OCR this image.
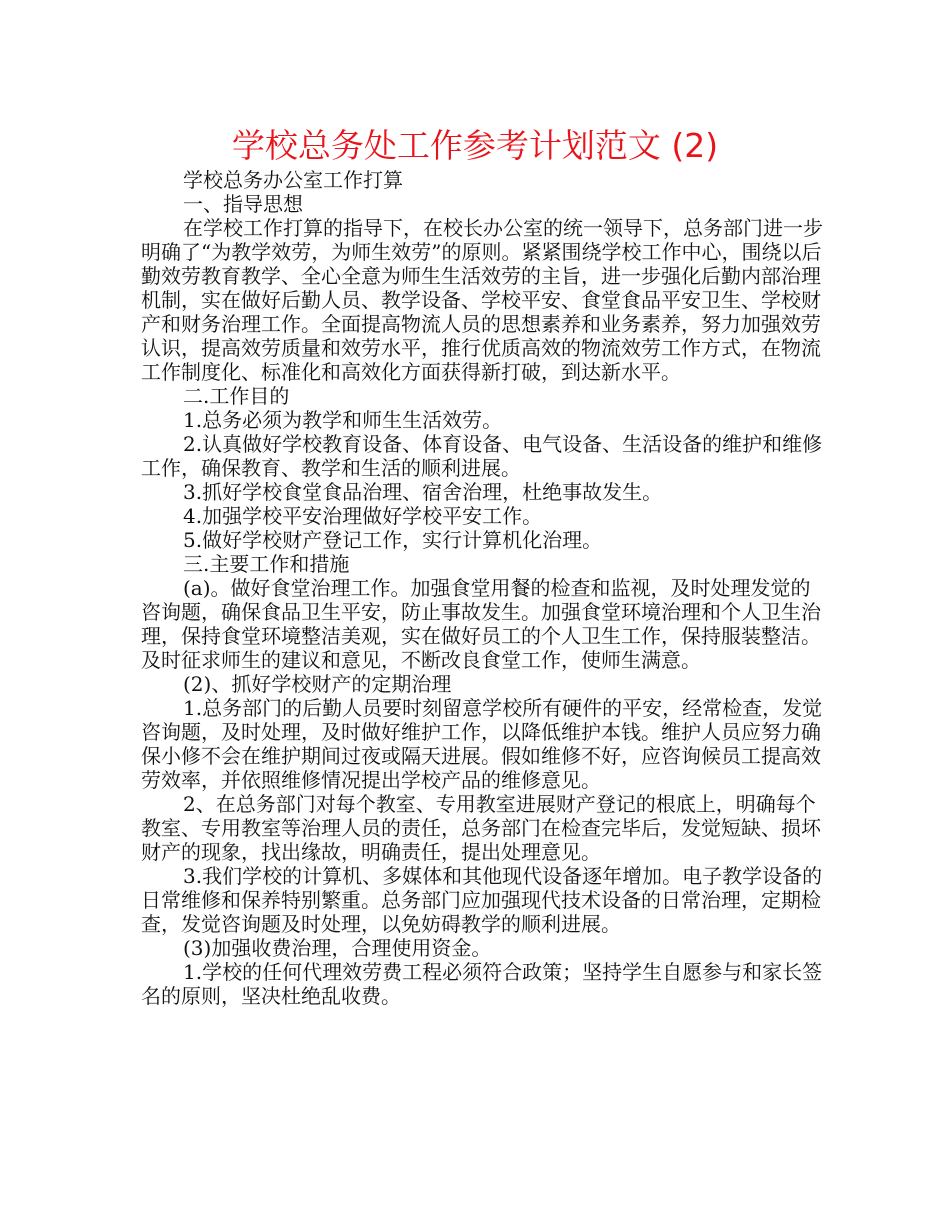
学校总务处工作参考计划范文 (2)

学校总务办公室工作打算

一、指导思想

在学校工作打算的指导下，在校长办公室的统一领导下，总务部门进一步明确了“为教学效劳，为师生效劳”的原则。紧紧围绕学校工作中心，围绕以后勤效劳教育教学、全心全意为师生生活效劳的主旨，进一步强化后勤内部治理机制，实在做好后勤人员、教学设备、学校平安、食堂食品平安卫生、学校财产和财务治理工作。全面提高物流人员的思想素养和业务素养，努力加强效劳认识，提高效劳质量和效劳水平，推行优质高效的物流效劳工作方式，在物流工作制度化、标准化和高效化方面获得新打破，到达新水平。

二.工作目的

1.总务必须为教学和师生生活效劳。

2.认真做好学校教育设备、体育设备、电气设备、生活设备的维护和维修工作，确保教育、教学和生活的顺利进展。

3.抓好学校食堂食品治理、宿舍治理，杜绝事故发生。

4.加强学校平安治理做好学校平安工作。

5.做好学校财产登记工作，实行计算机化治理。

三.主要工作和措施

(a)。做好食堂治理工作。加强食堂用餐的检查和监视，及时处理发觉的咨询题，确保食品卫生平安，防止事故发生。加强食堂环境治理和个人卫生治理，保持食堂环境整洁美观，实在做好员工的个人卫生工作，保持服装整洁。及时征求师生的建议和意见，不断改良食堂工作，使师生满意。

(2)、抓好学校财产的定期治理

1.总务部门的后勤人员要时刻留意学校所有硬件的平安，经常检查，发觉咨询题，及时处理，及时做好维护工作，以降低维护本钱。维护人员应努力确保小修不会在维护期间过夜或隔天进展。假如维修不好，应咨询候员工提高效劳效率，并依照维修情况提出学校产品的维修意见。

2、在总务部门对每个教室、专用教室进展财产登记的根底上，明确每个教室、专用教室等治理人员的责任，总务部门在检查完毕后，发觉短缺、损坏财产的现象，找出缘故，明确责任，提出处理意见。

3.我们学校的计算机、多媒体和其他现代设备逐年增加。电子教学设备的日常维修和保养特别繁重。总务部门应加强现代技术设备的日常治理，定期检查，发觉咨询题及时处理，以免妨碍教学的顺利进展。

(3)加强收费治理，合理使用资金。

1.学校的任何代理效劳费工程必须符合政策；坚持学生自愿参与和家长签名的原则，坚决杜绝乱收费。
